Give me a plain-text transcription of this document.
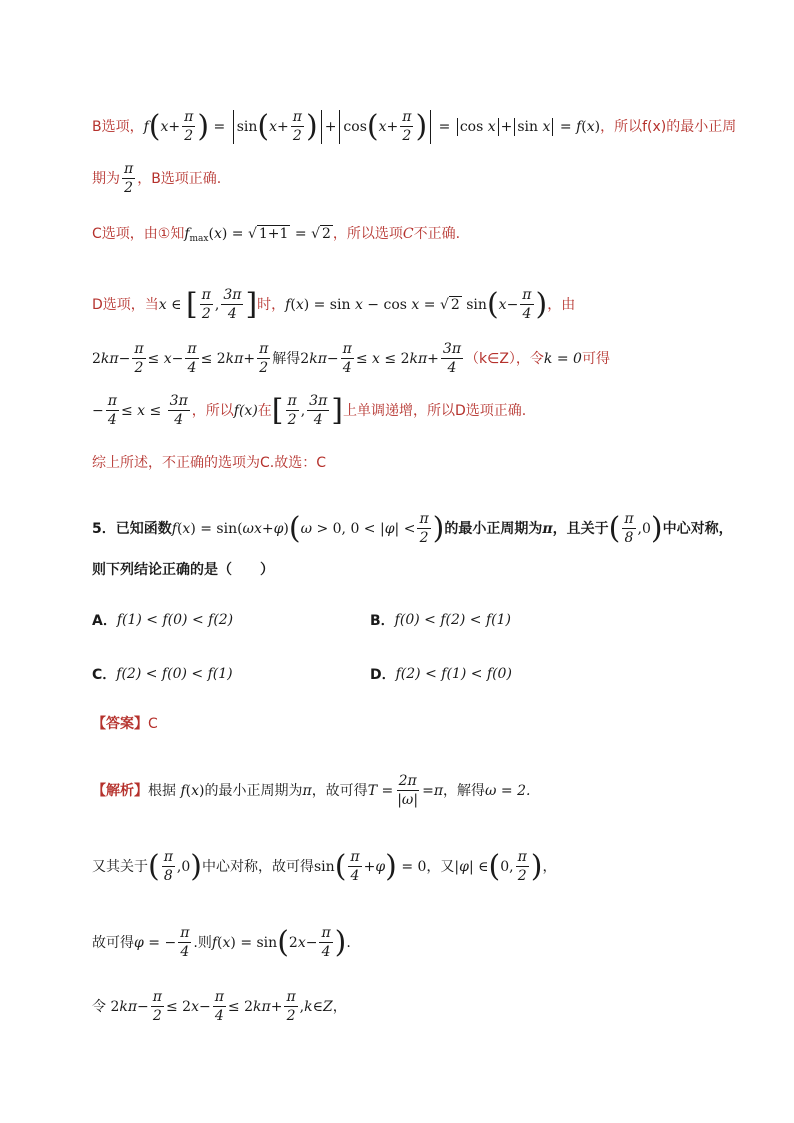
B选项， f ( $x + \frac{\pi}{2}$ ) = sin ( $x + \frac{\pi}{2}$ ) + cos ( $x + \frac{\pi}{2}$ ) = cos
x + sin
x = f ( x ) ，所以f(x)的最小正周
期为 $\frac{\pi}{2}$ ，B选项正确.
C选项，由①知 f max ( x ) = √ 1+1 = √ 2 ，所以选项 C 不正确.
D选项，当 x ∈ [ $\frac{\pi}{2}$ , $\frac{3\pi}{4}$ ] 时， f ( x ) = sin x − cos x = √ 2 sin ( $x - \frac{\pi}{4}$ ) ，由
2 $k\pi - \frac{\pi}{2} \le x - \frac{\pi}{4} \le 2$ $k\pi + \frac{\pi}{2}$ 解得 2 $k\pi - \frac{\pi}{4} \le x \le 2$ $k\pi + \frac{3\pi}{4}$ （k∈Z），令 k = 0 可得
− $\frac{\pi}{4} \le x \le \frac{3\pi}{4}$ ，所以 f(x) 在 [ $\frac{\pi}{2}$ , $\frac{3\pi}{4}$ ] 上单调递增，所以D选项正确.
综上所述，不正确的选项为C.故选：C
5．已知函数 f ( x ) = sin( ωx + φ ) ( ω > 0, 0 < | φ | < $\frac{\pi}{2}$ ) 的最小正周期为 π ，且关于 ( $\frac{\pi}{8} ,0$ ) 中心对称，
则下列结论正确的是（　　）
A． f(1) < f(0) < f(2)	B． f(0) < f(2) < f(1)
C． f(2) < f(0) < f(1)	D． f(2) < f(1) < f(0)
【答案】 C
【解析】 根据 f ( x ) 的最小正周期为 π ，故可得 $T = \frac{2\pi}{|\omega|} = \pi$ ，解得 ω = 2.
又其关于 ( $\frac{\pi}{8} ,0$ ) 中心对称，故可得 sin ( $\frac{\pi}{4} + \varphi$ ) = 0 ，又 | φ | ∈ ( 0, $\frac{\pi}{2}$ ) ，
故可得 φ = − $\frac{\pi}{4}$ .则 f ( x ) = sin ( 2 $x - \frac{\pi}{4}$ ) .
令 2 $k\pi - \frac{\pi}{2} \le 2$ $x - \frac{\pi}{4} \le 2$ $k\pi + \frac{\pi}{2}$ , k ∈ Z ，
